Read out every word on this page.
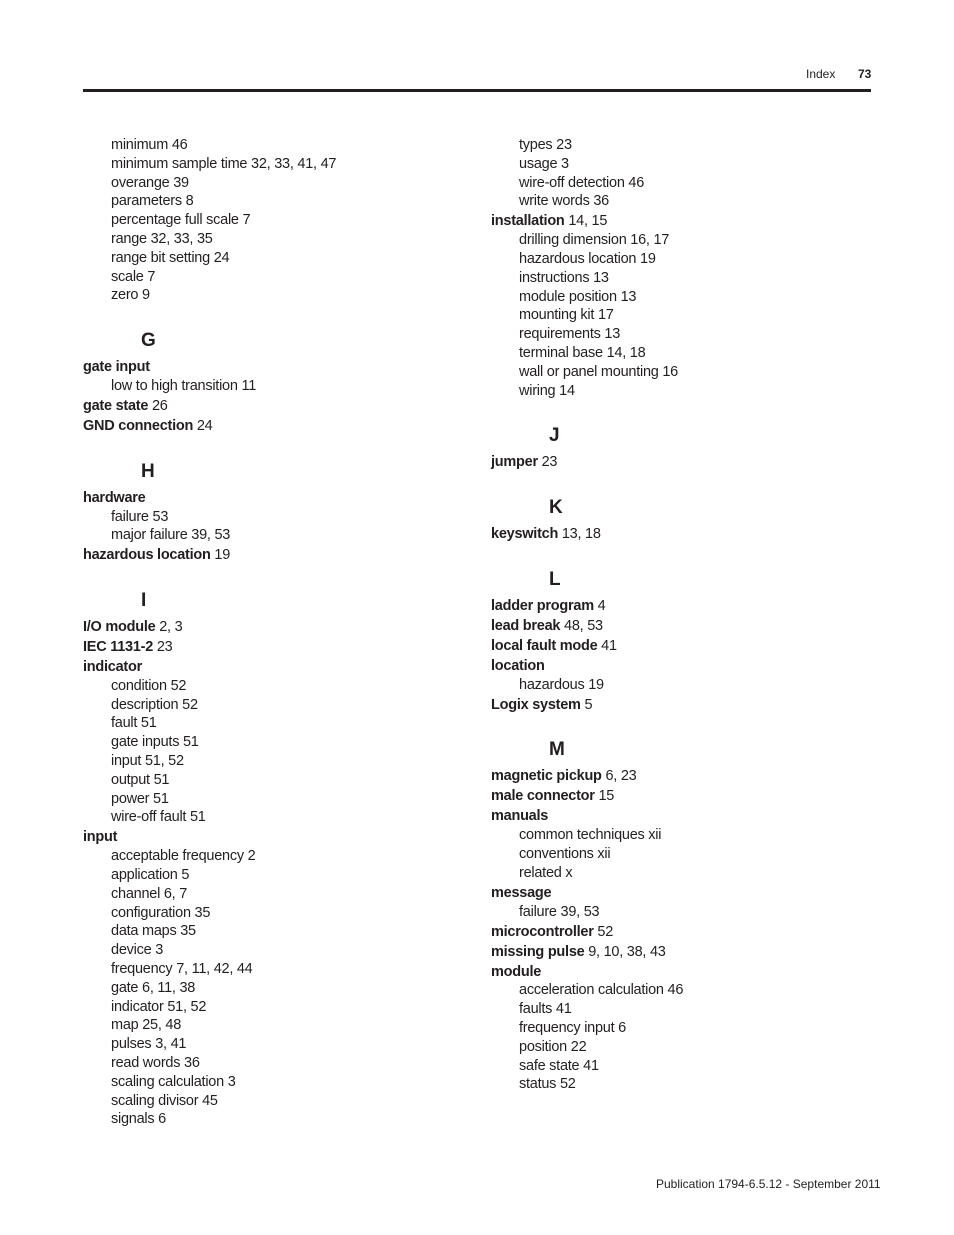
Index 73
minimum 46
minimum sample time 32, 33, 41, 47
overange 39
parameters 8
percentage full scale 7
range 32, 33, 35
range bit setting 24
scale 7
zero 9
G
gate input
low to high transition 11
gate state 26
GND connection 24
H
hardware
failure 53
major failure 39, 53
hazardous location 19
I
I/O module 2, 3
IEC 1131-2 23
indicator
condition 52
description 52
fault 51
gate inputs 51
input 51, 52
output 51
power 51
wire-off fault 51
input
acceptable frequency 2
application 5
channel 6, 7
configuration 35
data maps 35
device 3
frequency 7, 11, 42, 44
gate 6, 11, 38
indicator 51, 52
map 25, 48
pulses 3, 41
read words 36
scaling calculation 3
scaling divisor 45
signals 6
types 23
usage 3
wire-off detection 46
write words 36
installation 14, 15
drilling dimension 16, 17
hazardous location 19
instructions 13
module position 13
mounting kit 17
requirements 13
terminal base 14, 18
wall or panel mounting 16
wiring 14
J
jumper 23
K
keyswitch 13, 18
L
ladder program 4
lead break 48, 53
local fault mode 41
location
hazardous 19
Logix system 5
M
magnetic pickup 6, 23
male connector 15
manuals
common techniques xii
conventions xii
related x
message
failure 39, 53
microcontroller 52
missing pulse 9, 10, 38, 43
module
acceleration calculation 46
faults 41
frequency input 6
position 22
safe state 41
status 52
Publication 1794-6.5.12 - September 2011
